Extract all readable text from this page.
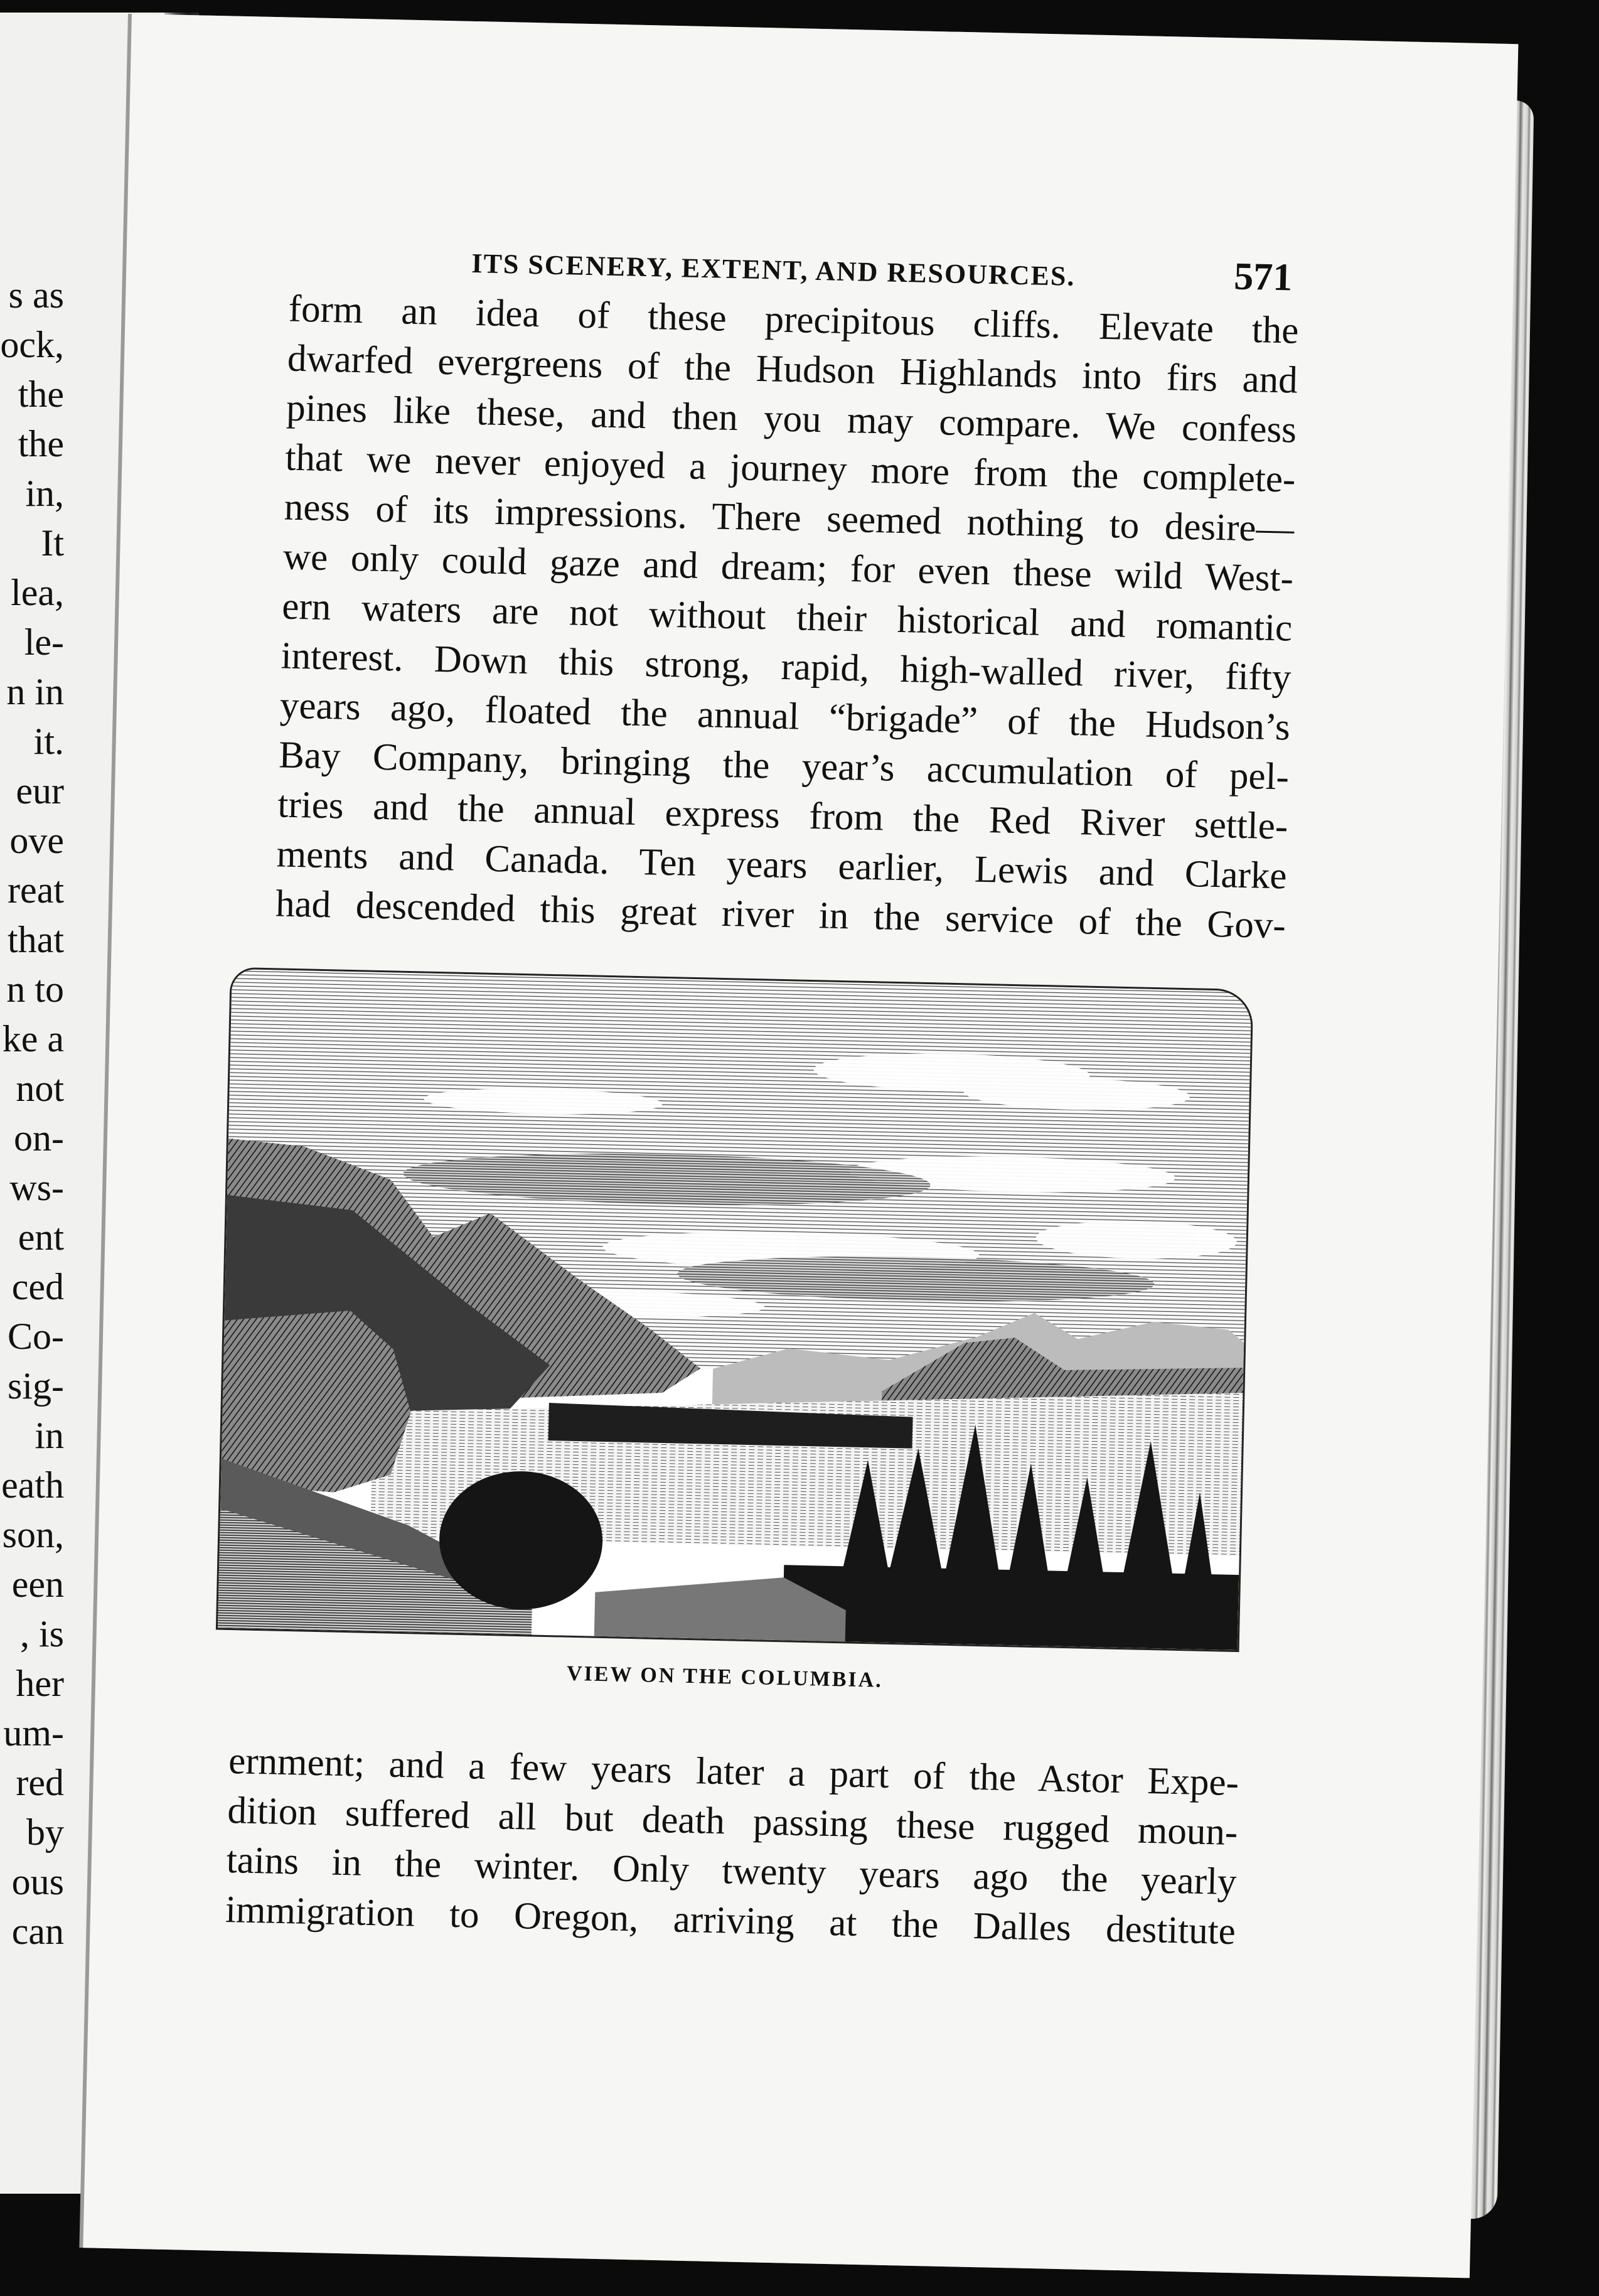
s as
ock,
the
the
in,
It
lea,
le-
n in
it.
eur
ove
reat
that
n to
ke a
not
on-
ws-
ent
ced
Co-
sig-
in
eath
son,
een
, is
her
um-
red
by
ous
can
ITS SCENERY, EXTENT, AND RESOURCES.	571
form an idea of these precipitous cliffs. Elevate the
dwarfed evergreens of the Hudson Highlands into firs and
pines like these, and then you may compare. We confess
that we never enjoyed a journey more from the complete-
ness of its impressions. There seemed nothing to desire—
we only could gaze and dream; for even these wild West-
ern waters are not without their historical and romantic
interest. Down this strong, rapid, high-walled river, fifty
years ago, floated the annual “brigade” of the Hudson’s
Bay Company, bringing the year’s accumulation of pel-
tries and the annual express from the Red River settle-
ments and Canada. Ten years earlier, Lewis and Clarke
had descended this great river in the service of the Gov-
VIEW ON THE COLUMBIA.
ernment; and a few years later a part of the Astor Expe-
dition suffered all but death passing these rugged moun-
tains in the winter. Only twenty years ago the yearly
immigration to Oregon, arriving at the Dalles destitute
